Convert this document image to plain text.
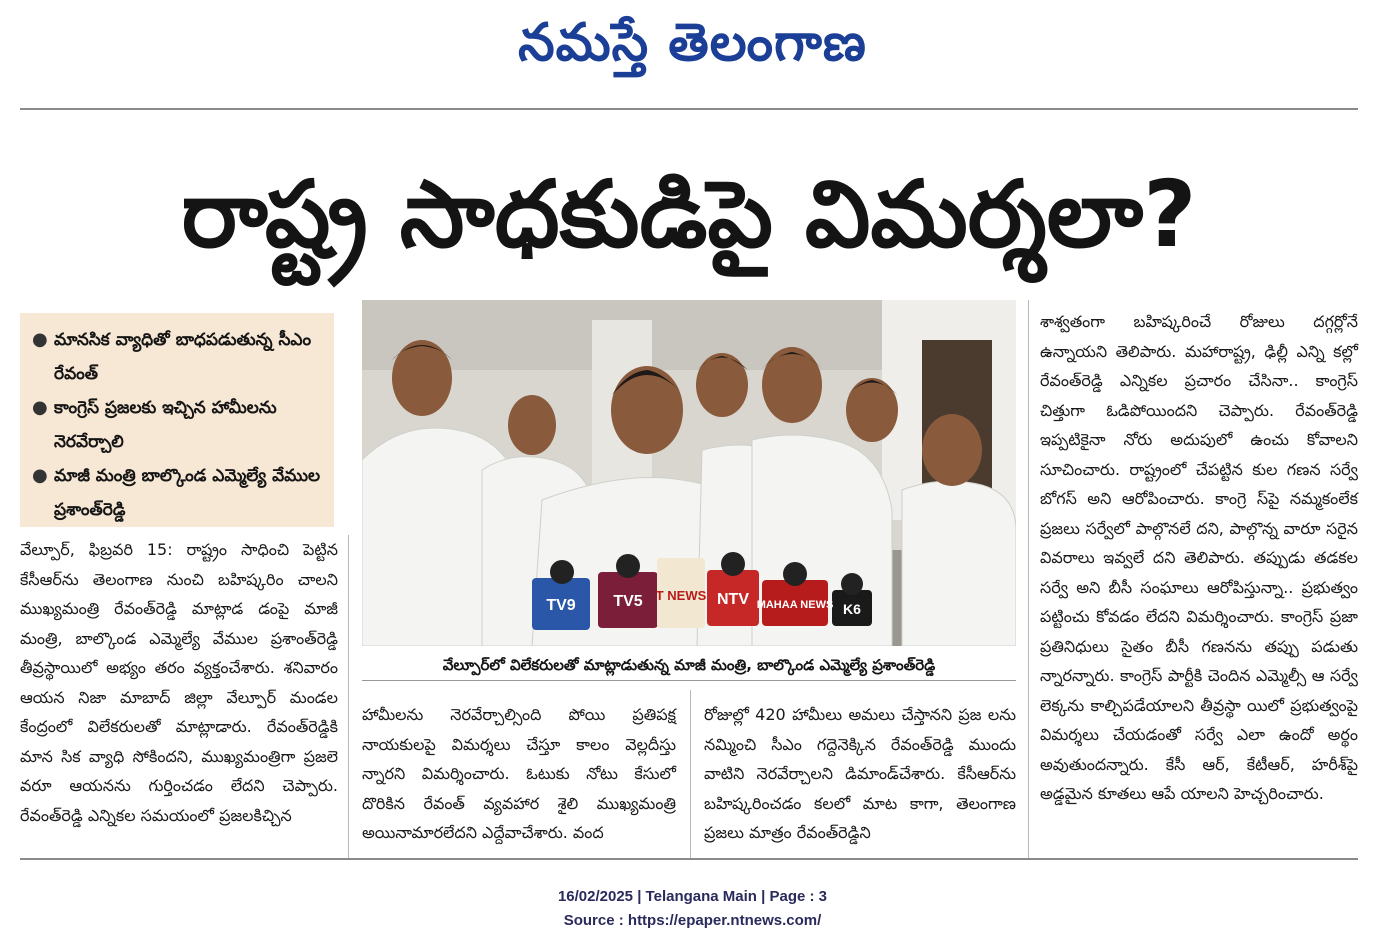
నమస్తే తెలంగాణ
రాష్ట్ర సాధకుడిపై విమర్శలా?
● మానసిక వ్యాధితో బాధపడుతున్న సీఎం రేవంత్
● కాంగ్రెస్ ప్రజలకు ఇచ్చిన హామీలను నెరవేర్చాలి
● మాజీ మంత్రి బాల్కొండ ఎమ్మెల్యే వేముల ప్రశాంత్‌రెడ్డి
TV9 TV5 T NEWS NTV MAHAA NEWS K6
వేల్పూర్‌లో విలేకరులతో మాట్లాడుతున్న మాజీ మంత్రి, బాల్కొండ ఎమ్మెల్యే ప్రశాంత్‌రెడ్డి

వేల్పూర్, ఫిబ్రవరి 15: రాష్ట్రం సాధించి పెట్టిన కేసీఆర్‌ను తెలంగాణ నుంచి బహిష్కరిం చాలని ముఖ్యమంత్రి రేవంత్‌రెడ్డి మాట్లాడ డంపై మాజీ మంత్రి, బాల్కొండ ఎమ్మెల్యే వేముల ప్రశాంత్‌రెడ్డి తీవ్రస్థాయిలో అభ్యం తరం వ్యక్తంచేశారు. శనివారం ఆయన నిజా మాబాద్ జిల్లా వేల్పూర్ మండల కేంద్రంలో విలేకరులతో మాట్లాడారు. రేవంత్‌రెడ్డికి మాన సిక వ్యాధి సోకిందని, ముఖ్యమంత్రిగా ప్రజలె వరూ ఆయనను గుర్తించడం లేదని చెప్పారు. రేవంత్‌రెడ్డి ఎన్నికల సమయంలో ప్రజలకిచ్చిన

హామీలను నెరవేర్చాల్సింది పోయి ప్రతిపక్ష నాయకులపై విమర్శలు చేస్తూ కాలం వెల్లదీస్తు న్నారని విమర్శించారు. ఓటుకు నోటు కేసులో దొరికిన రేవంత్ వ్యవహార శైలి ముఖ్యమంత్రి అయినామారలేదని ఎద్దేవాచేశారు. వంద

రోజుల్లో 420 హామీలు అమలు చేస్తానని ప్రజ లను నమ్మించి సీఎం గద్దెనెక్కిన రేవంత్‌రెడ్డి ముందు వాటిని నెరవేర్చాలని డిమాండ్‌చేశారు. కేసీఆర్‌ను బహిష్కరించడం కలలో మాట కాగా, తెలంగాణ ప్రజలు మాత్రం రేవంత్‌రెడ్డిని

శాశ్వతంగా బహిష్కరించే రోజులు దగ్గర్లోనే ఉన్నాయని తెలిపారు. మహారాష్ట్ర, ఢిల్లీ ఎన్ని కల్లో రేవంత్‌రెడ్డి ఎన్నికల ప్రచారం చేసినా.. కాంగ్రెస్ చిత్తుగా ఓడిపోయిందని చెప్పారు. రేవంత్‌రెడ్డి ఇప్పటికైనా నోరు అదుపులో ఉంచు కోవాలని సూచించారు. రాష్ట్రంలో చేపట్టిన కుల గణన సర్వే బోగస్ అని ఆరోపించారు. కాంగ్రె స్‌పై నమ్మకంలేక ప్రజలు సర్వేలో పాల్గొనలే దని, పాల్గొన్న వారూ సరైన వివరాలు ఇవ్వలే దని తెలిపారు. తప్పుడు తడకల సర్వే అని బీసీ సంఘాలు ఆరోపిస్తున్నా.. ప్రభుత్వం పట్టించు కోవడం లేదని విమర్శించారు. కాంగ్రెస్ ప్రజా ప్రతినిధులు సైతం బీసీ గణనను తప్పు పడుతు న్నారన్నారు. కాంగ్రెస్ పార్టీకి చెందిన ఎమ్మెల్సీ ఆ సర్వే లెక్కను కాల్చిపడేయాలని తీవ్రస్థా యిలో ప్రభుత్వంపై విమర్శలు చేయడంతో సర్వే ఎలా ఉందో అర్థం అవుతుందన్నారు. కేసీ ఆర్, కేటీఆర్, హరీశ్‌పై అడ్డమైన కూతలు ఆపే యాలని హెచ్చరించారు.

16/02/2025 | Telangana Main | Page : 3
Source : https://epaper.ntnews.com/
